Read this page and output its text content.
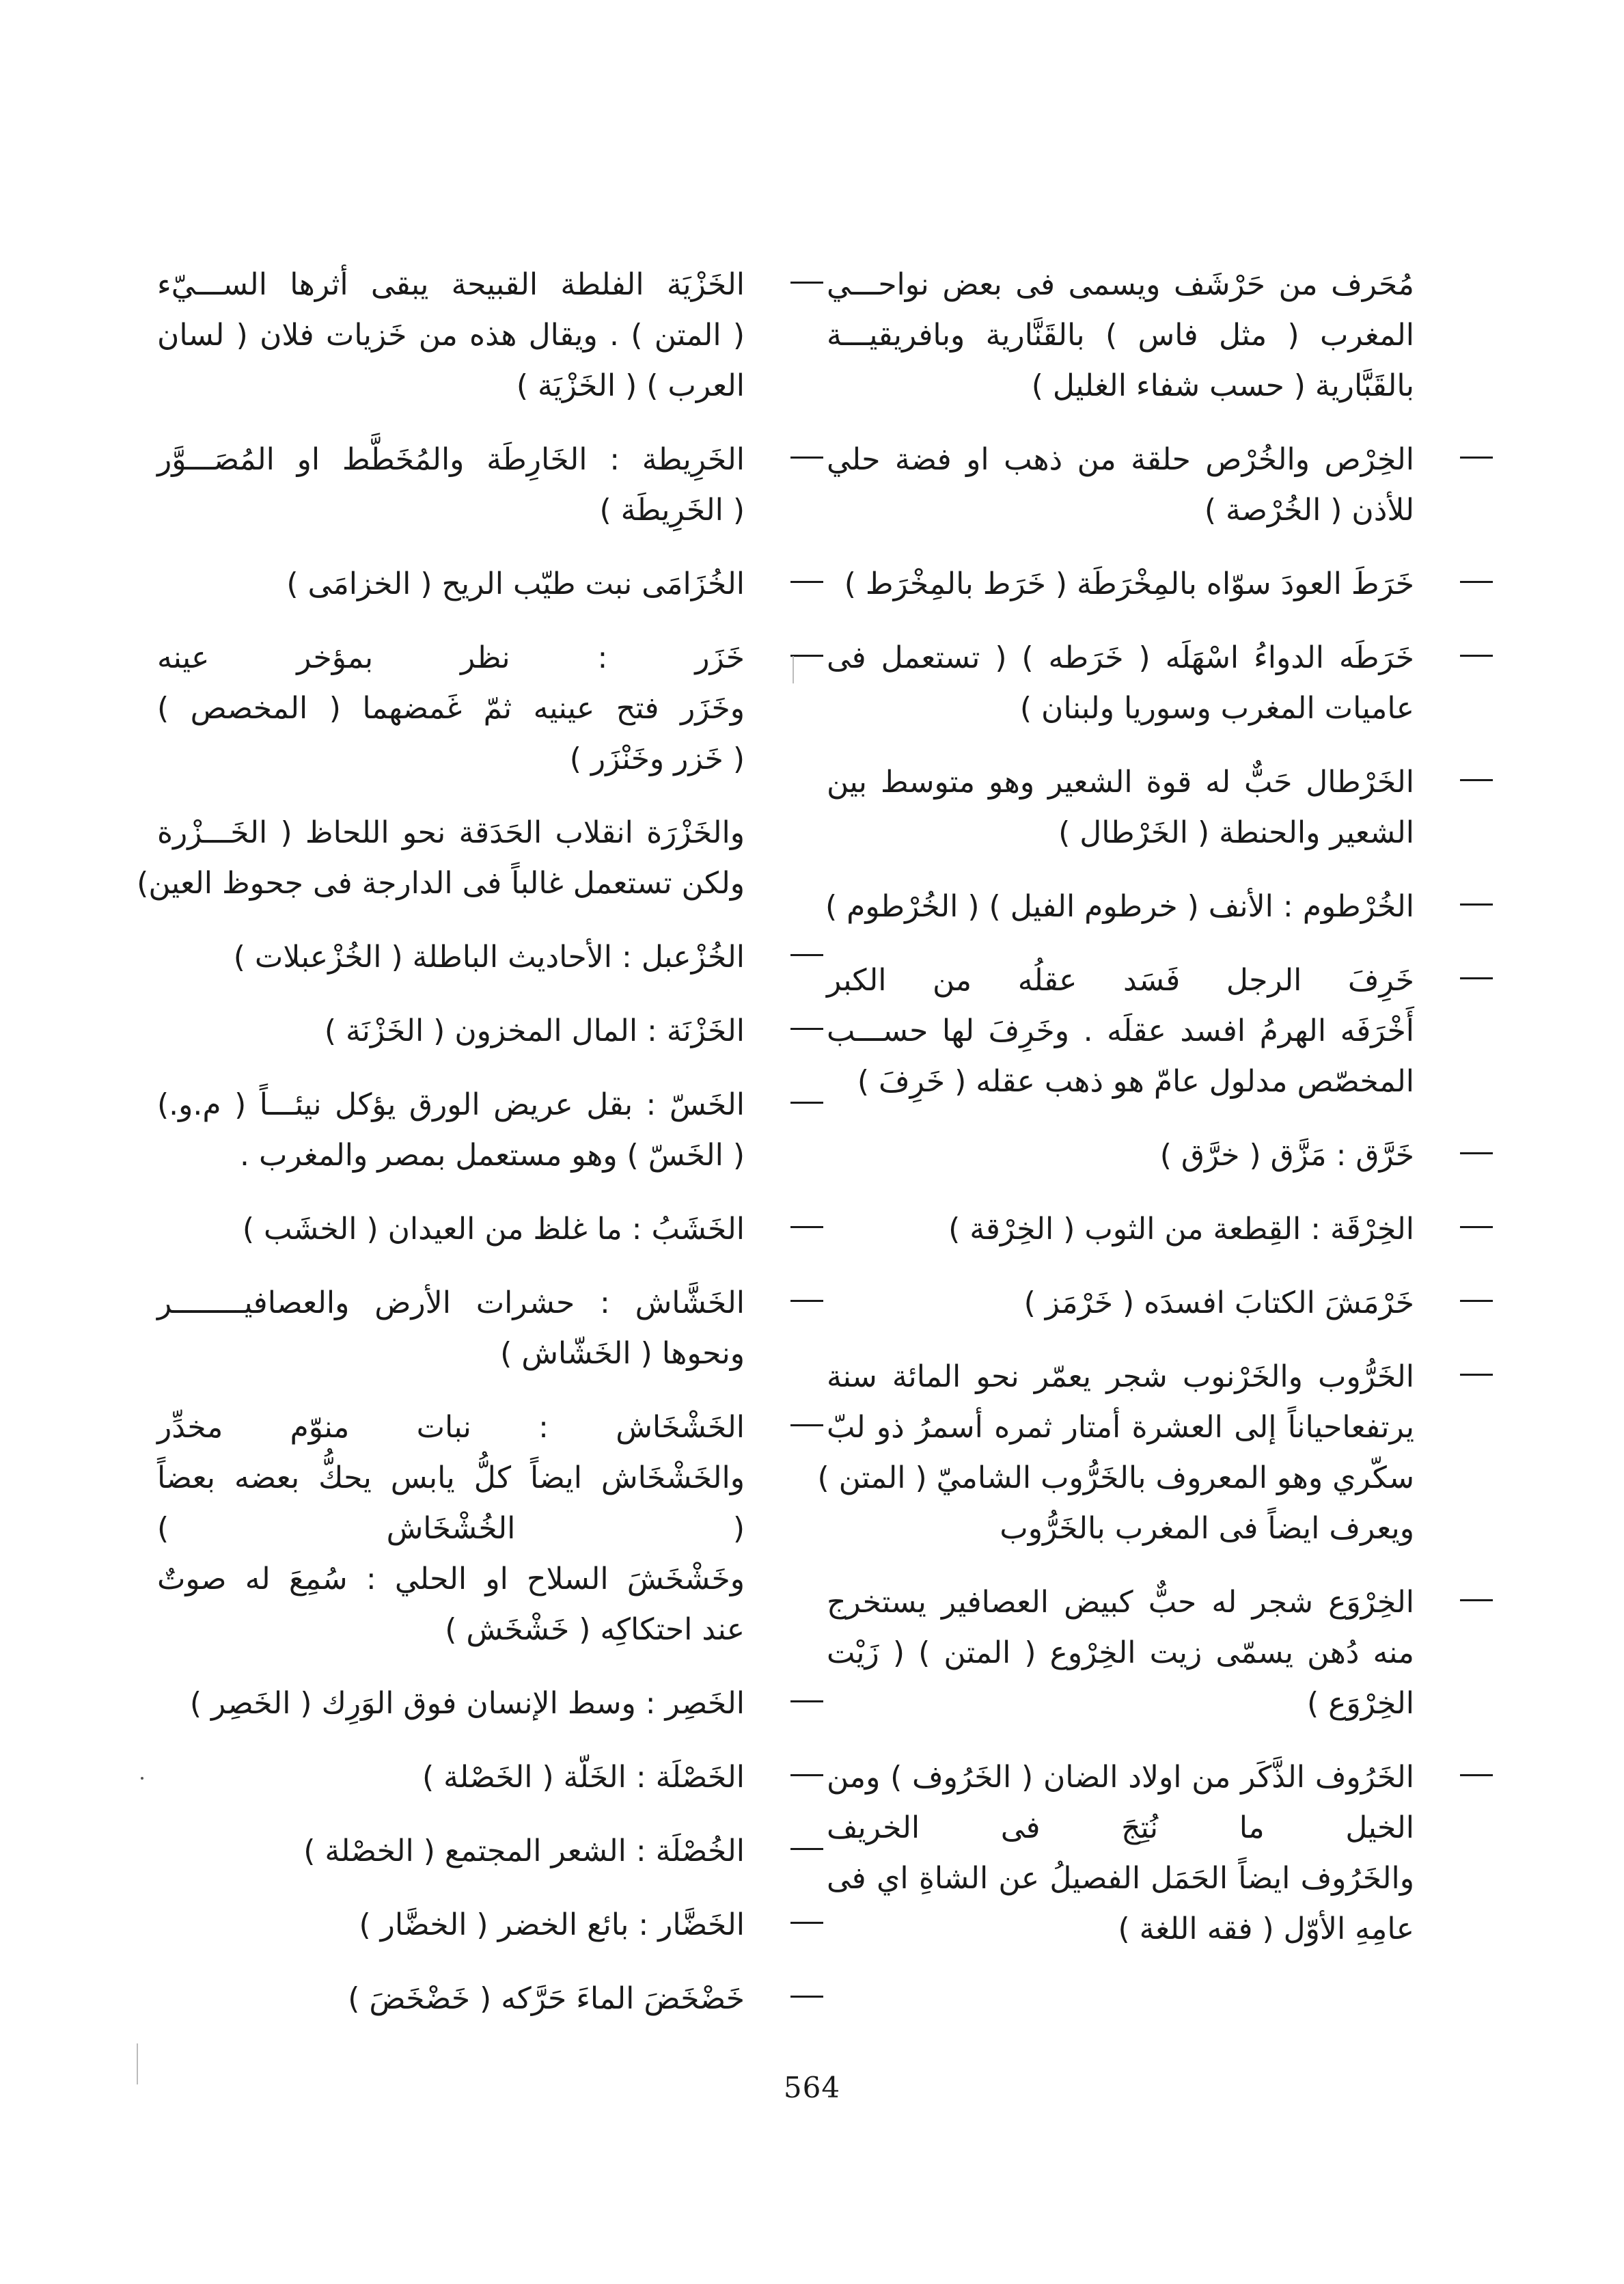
مُحَرف من حَرْشَف ويسمى فى بعض نواحـــي
المغرب ( مثل فاس ) بالقَنَّارية وبافريقيـــة
بالقَبَّارية ( حسب شفاء الغليل )
الخِرْص والخُرْص حلقة من ذهب او فضة حلي
للأذن ( الخُرْصة )
خَرَطَ العودَ سوّاه بالمِخْرَطَة ( خَرَط بالمِخْرَط )
خَرَطَه الدواءُ اسْهَلَه ( خَرَطه ) ( تستعمل فى
عاميات المغرب وسوريا ولبنان )
الخَرْطال حَبٌّ له قوة الشعير وهو متوسط بين
الشعير والحنطة ( الخَرْطال )
الخُرْطوم : الأنف ( خرطوم الفيل ) ( الخُرْطوم )
خَرِفَ الرجل فَسَد عقلُه من الكبر
أَخْرَفَه الهرمُ افسد عقلَه . وخَرِفَ لها حســـب
المخصّص مدلول عامّ هو ذهب عقله ( خَرِفَ )
خَرَّق : مَزَّق ( خرَّق )
الخِرْقَة : القِطعة من الثوب ( الخِرْقة )
خَرْمَشَ الكتابَ افسدَه ( خَرْمَز )
الخَرُّوب والخَرْنوب شجر يعمّر نحو المائة سنة
يرتفعاحياناً إلى العشرة أمتار ثمره أسمرُ ذو لبّ
سكّري وهو المعروف بالخَرُّوب الشاميّ ( المتن )
ويعرف ايضاً فى المغرب بالخَرُّوب
الخِرْوَع شجر له حبٌّ كبيض العصافير يستخرج
منه دُهن يسمّى زيت الخِرْوع ( المتن ) ( زَيْت
الخِرْوَع )
الخَرُوف الذَّكَر من اولاد الضان ( الخَرُوف ) ومن
الخيل ما نُتِجَ فى الخريف
والخَرُوف ايضاً الحَمَل الفصيلُ عن الشاةِ اي فى
عامِهِ الأوّل ( فقه اللغة )
الخَزْيَة الفلطة القبيحة يبقى أثرها الســـيّء
( المتن ) . ويقال هذه من خَزيات فلان ( لسان
العرب ) ( الخَزْيَة )
الخَرِيطة : الخَارِطَة والمُخَطَّط او المُصَـــوَّر
( الخَرِيطَة )
الخُزَامَى نبت طيّب الريح ( الخزامَى )
خَزَر : نظر بمؤخر عينه
وخَزَر فتح عينيه ثمّ غَمضهما ( المخصص )
( خَزر وخَنْزَر )
والخَزْرَة انقلاب الحَدَقة نحو اللحاظ ( الخَـــزْرة
ولكن تستعمل غالباً فى الدارجة فى جحوظ العين)
الخُزْعبل : الأحاديث الباطلة ( الخُزْعبلات )
الخَزْنَة : المال المخزون ( الخَزْنَة )
الخَسّ : بقل عريض الورق يؤكل نيئـــاً ( م.و.)
( الخَسّ ) وهو مستعمل بمصر والمغرب .
الخَشَبُ : ما غلظ من العيدان ( الخشَب )
الخَشَّاش : حشرات الأرض والعصافيــــــــر
ونحوها ( الخَشّاش )
الخَشْخَاش : نبات منوّم مخدِّر
والخَشْخَاش ايضاً كلُّ يابس يحكُّ بعضه بعضاً
( الخُشْخَاش )
وخَشْخَشَ السلاح او الحلي : سُمِعَ له صوتٌ
عند احتكاكِه ( خَشْخَش )
الخَصِر : وسط الإنسان فوق الوَرِك ( الخَصِر )
الخَصْلَة : الخَلّة ( الخَصْلة )
الخُصْلَة : الشعر المجتمع ( الخصْلة )
الخَضَّار : بائع الخضر ( الخضَّار )
خَضْخَضَ الماءَ حَرَّكه ( خَضْخَضَ )
564
